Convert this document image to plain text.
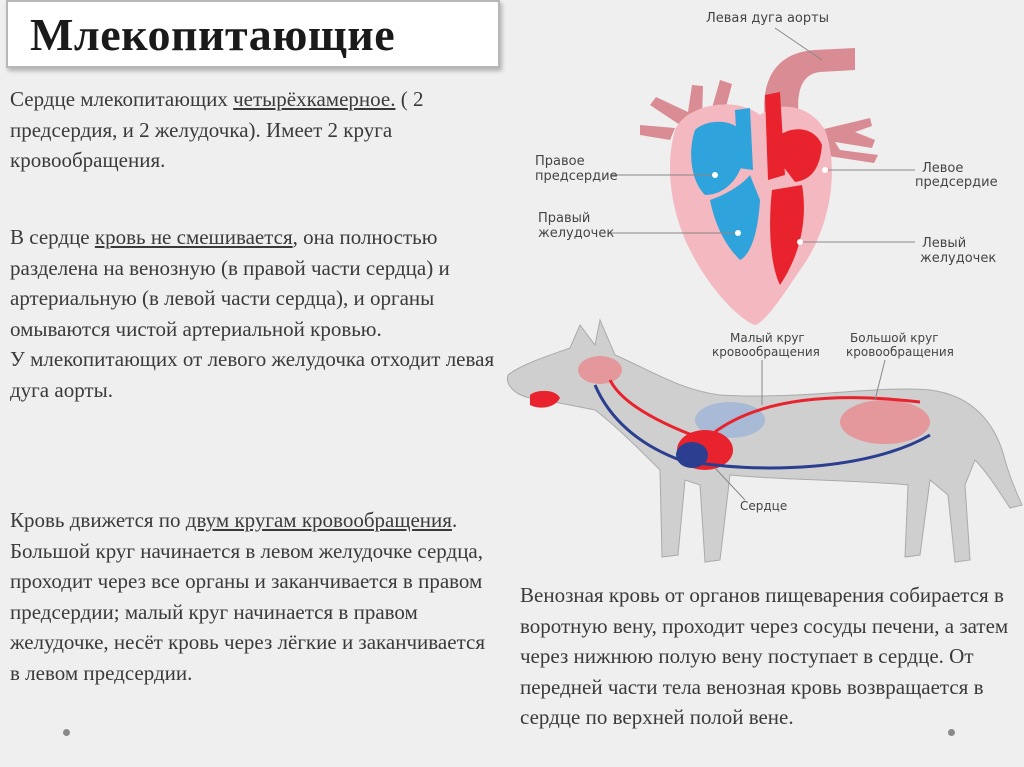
Млекопитающие
Сердце млекопитающих четырёхкамерное. ( 2 предсердия, и 2 желудочка). Имеет 2 круга кровообращения.
В сердце кровь не смешивается, она полностью разделена на венозную (в правой части сердца) и артериальную (в левой части сердца), и органы омываются чистой артериальной кровью.
У млекопитающих от левого желудочка отходит левая дуга аорты.
Кровь движется по двум кругам кровообращения. Большой круг начинается в левом желудочке сердца, проходит через все органы и заканчивается в правом предсердии; малый круг начинается в правом желудочке, несёт кровь через лёгкие и заканчивается в левом предсердии.
Венозная кровь от органов пищеварения собирается в воротную вену, проходит через сосуды печени, а затем через нижнюю полую вену поступает в сердце. От передней части тела венозная кровь возвращается в сердце по верхней полой вене.
Левая дуга аорты
Правое
предсердие
Правый
желудочек
Левое
предсердие
Левый
желудочек
Малый круг
кровообращения
Большой круг
кровообращения
Сердце
